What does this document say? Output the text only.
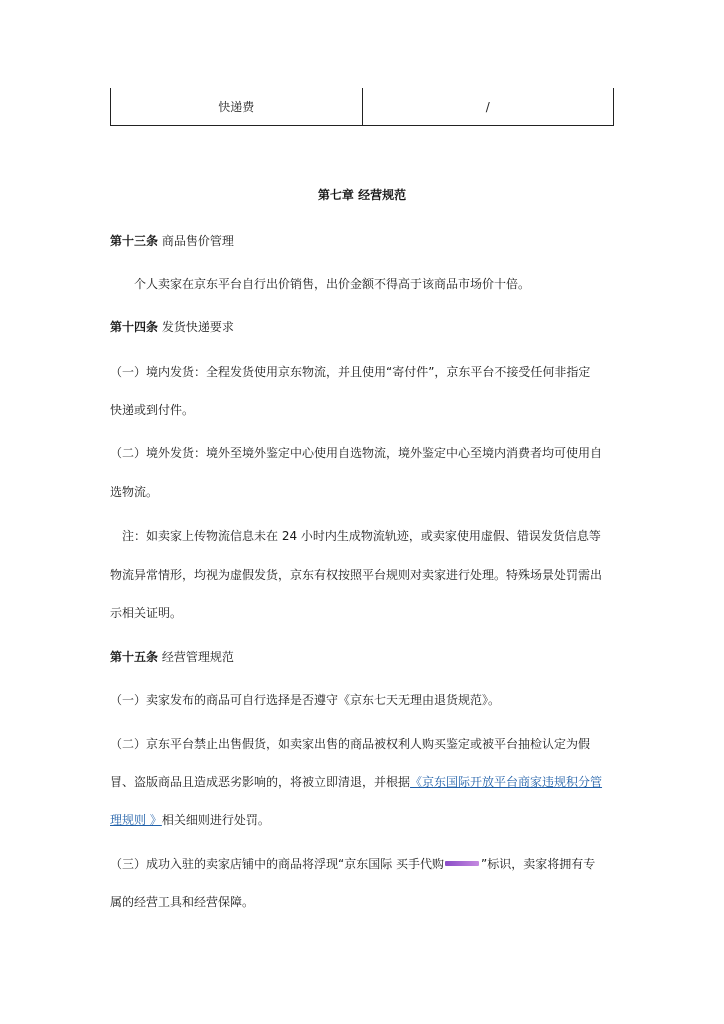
快递费	/
第七章 经营规范
第十三条 商品售价管理
个人卖家在京东平台自行出价销售，出价金额不得高于该商品市场价十倍。
第十四条 发货快递要求
（一）境内发货：全程发货使用京东物流，并且使用“寄付件”，京东平台不接受任何非指定
快递或到付件。
（二）境外发货：境外至境外鉴定中心使用自选物流，境外鉴定中心至境内消费者均可使用自
选物流。
注：如卖家上传物流信息未在 24 小时内生成物流轨迹，或卖家使用虚假、错误发货信息等
物流异常情形，均视为虚假发货，京东有权按照平台规则对卖家进行处理。特殊场景处罚需出
示相关证明。
第十五条 经营管理规范
（一）卖家发布的商品可自行选择是否遵守《京东七天无理由退货规范》。
（二）京东平台禁止出售假货，如卖家出售的商品被权利人购买鉴定或被平台抽检认定为假
冒、盗版商品且造成恶劣影响的，将被立即清退，并根据《京东国际开放平台商家违规积分管
理规则 》相关细则进行处罚。
（三）成功入驻的卖家店铺中的商品将浮现“京东国际 买手代购	”标识，卖家将拥有专
属的经营工具和经营保障。
